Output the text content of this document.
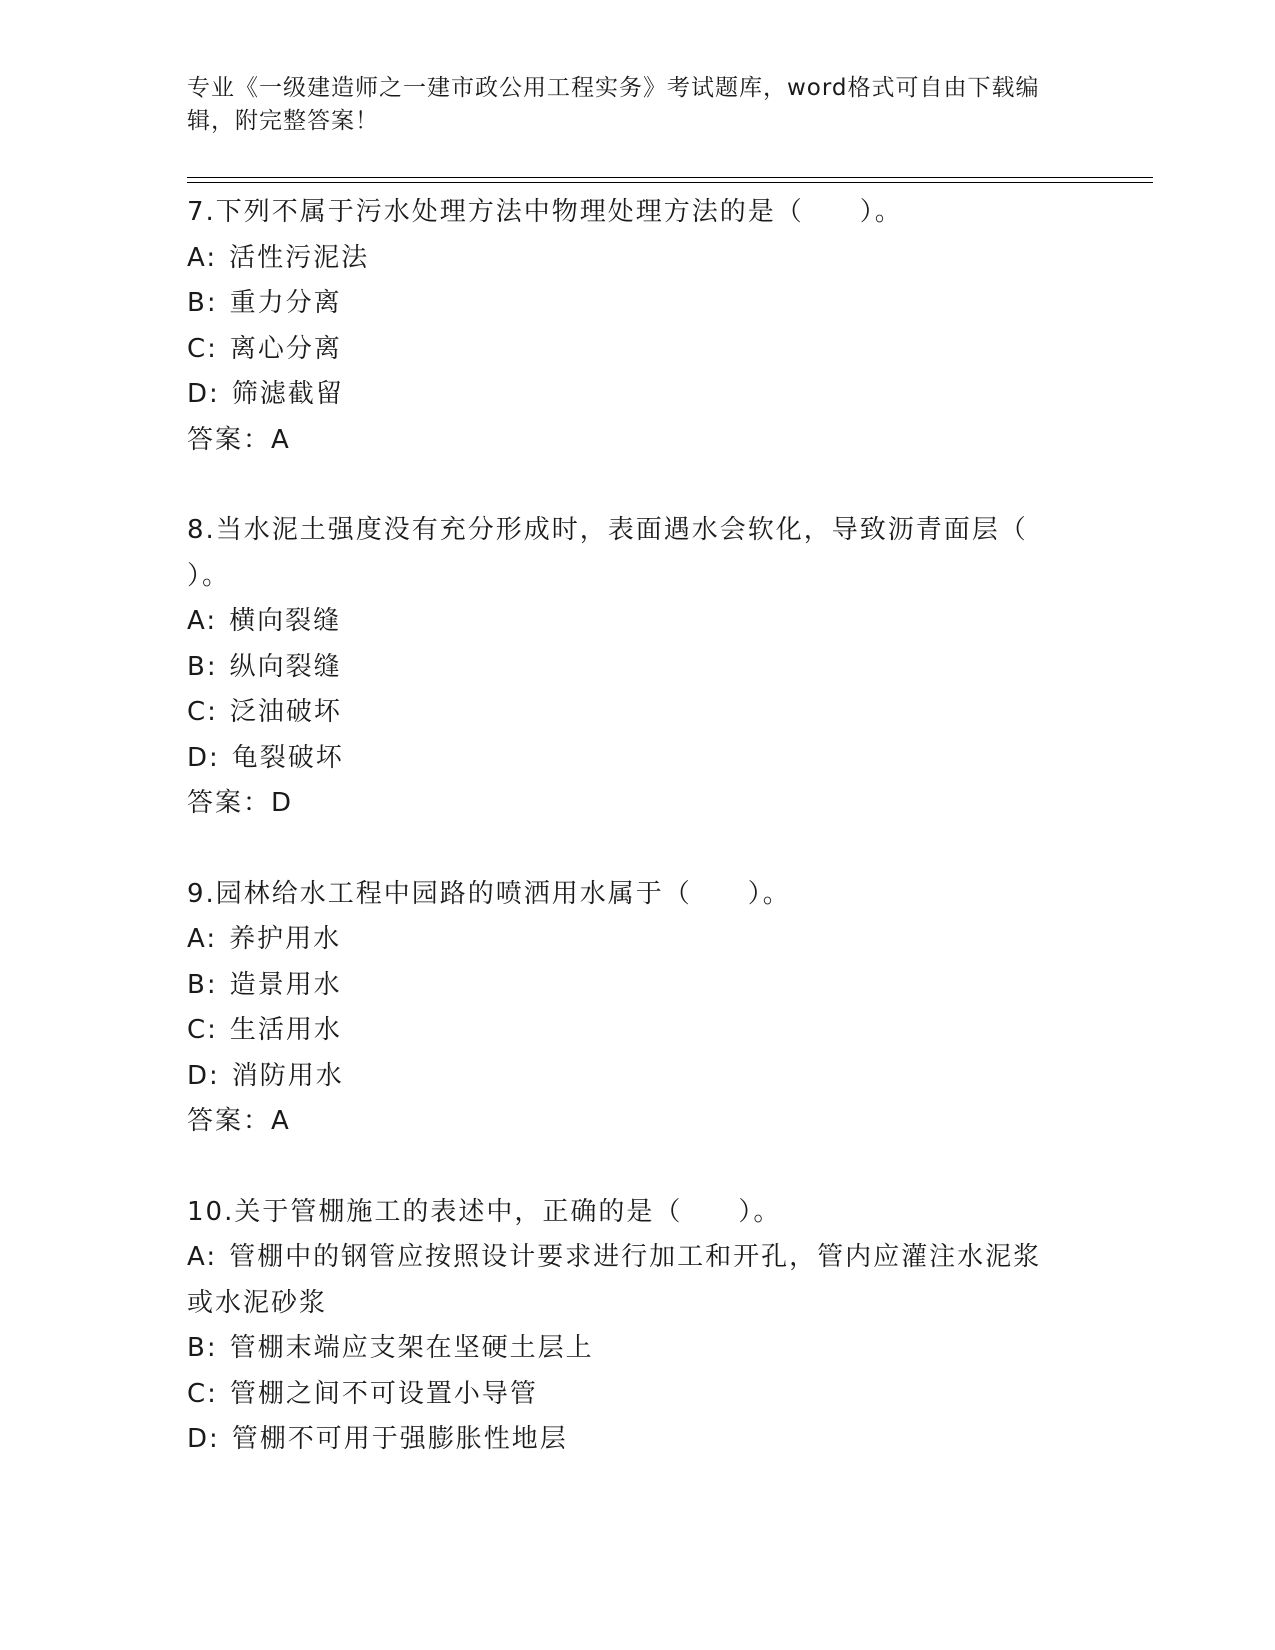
专业《一级建造师之一建市政公用工程实务》考试题库，word格式可自由下载编
辑，附完整答案！
7.下列不属于污水处理方法中物理处理方法的是（　　）。
A: 活性污泥法
B: 重力分离
C: 离心分离
D: 筛滤截留
答案：A
8.当水泥土强度没有充分形成时，表面遇水会软化，导致沥青面层（
）。
A: 横向裂缝
B: 纵向裂缝
C: 泛油破坏
D: 龟裂破坏
答案：D
9.园林给水工程中园路的喷洒用水属于（　　）。
A: 养护用水
B: 造景用水
C: 生活用水
D: 消防用水
答案：A
10.关于管棚施工的表述中，正确的是（　　）。
A: 管棚中的钢管应按照设计要求进行加工和开孔，管内应灌注水泥浆
或水泥砂浆
B: 管棚末端应支架在坚硬土层上
C: 管棚之间不可设置小导管
D: 管棚不可用于强膨胀性地层
